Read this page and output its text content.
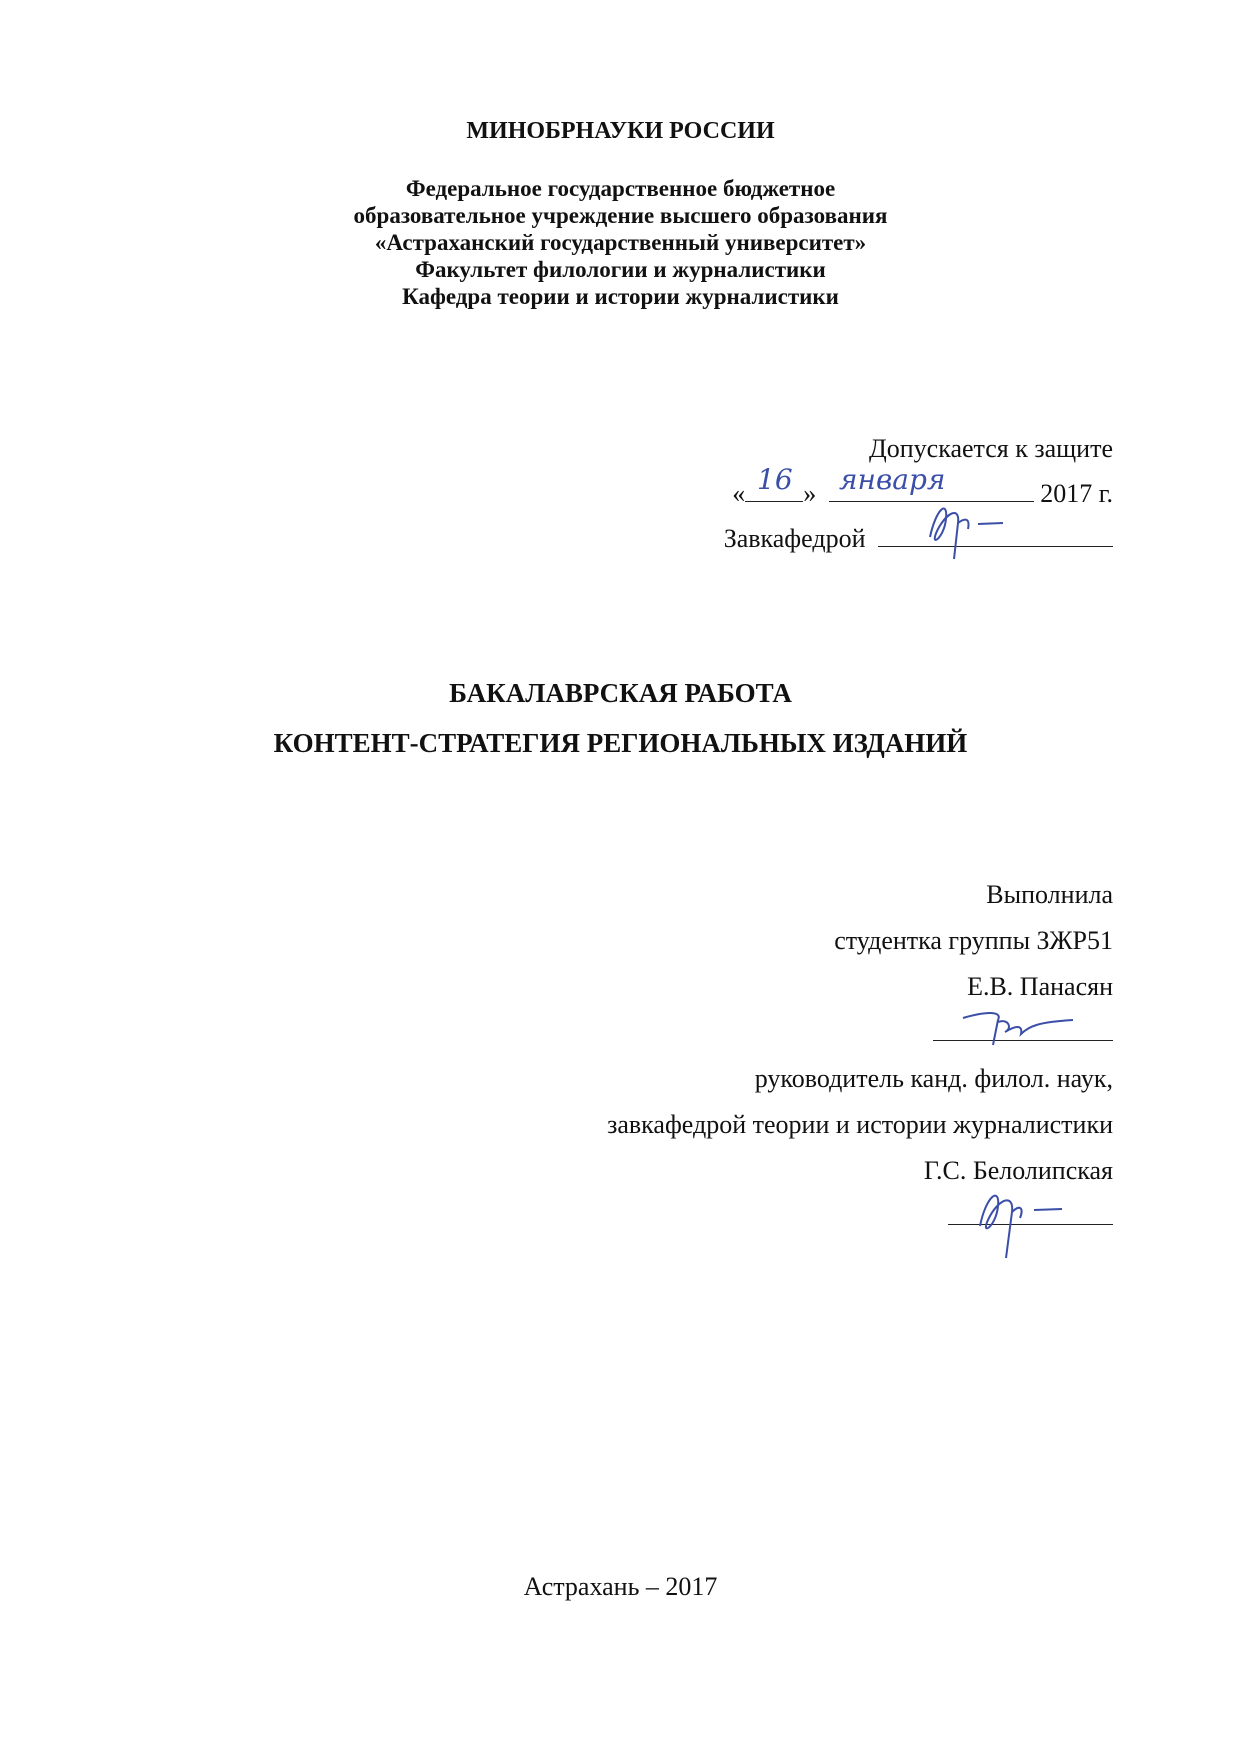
МИНОБРНАУКИ РОССИИ
Федеральное государственное бюджетное
образовательное учреждение высшего образования
«Астраханский государственный университет»
Факультет филологии и журналистики
Кафедра теории и истории журналистики
Допускается к защите
« 16 » января	2017 г.
Завкафедрой
БАКАЛАВРСКАЯ РАБОТА
КОНТЕНТ-СТРАТЕГИЯ РЕГИОНАЛЬНЫХ ИЗДАНИЙ
Выполнила
студентка группы ЗЖР51
Е.В. Панасян
руководитель канд. филол. наук,
завкафедрой теории и истории журналистики
Г.С. Белолипская
Астрахань – 2017
